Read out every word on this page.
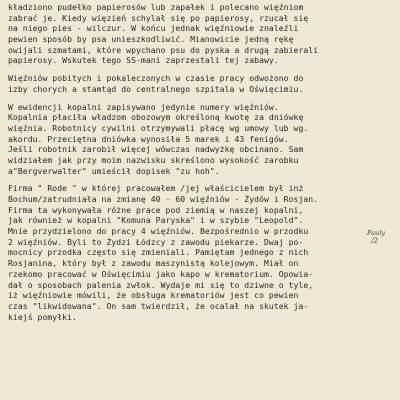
kładziono pudełko papierosów lub zapałek i polecano więźniom
zabrać je. Kiedy więzień schylał się po papierosy, rzucał się
na niego pies - wilczur. W końcu jednak więźniowie znaleźli
pewien sposób by psa unieszkodliwić. Mianowicie jedną rękę
owijali szmatami, które wpychano psu do pyska a drugą zabierali
papierosy. Wskutek tego SS-mani zaprzestali tej zabawy.
Więźniów pobitych i pokaleczonych w czasie pracy odwożono do
izby chorych a stamtąd do centralnego szpitala w Oświęcimiu.
W ewidencji kopalni zapisywano jedynie numery więźniów.
Kopalnia płaciła władzom obozowym określoną kwotę za dniówkę
więźnia. Robotnicy cywilni otrzymywali płacę wg umowy lub wg.
akordu. Przeciętna dniówka wynosiła 5 marek i 43 fenigów.
Jeśli robotnik zarobił więcej wówczas nadwyżkę obcinano. Sam
widziałem jak przy moim nazwisku skreślono wysokość zarobku
a"Bergverwalter" umieścił dopisek "zu hoh".
Firma " Rode " w której pracowałem /jej właścicielem był inż
Bochum/zatrudniała na zmianę 40 - 60 więźniów - Żydów i Rosjan.
Firma ta wykonywała różne prace pod ziemią w naszej kopalni,
jak również w kopalni "Komuna Paryska" i w szybie "Leopold".
Mnie przydzielono do pracy 4 więźniów. Bezpośrednio w przodku
2 więźniów. Byli to Żydzi Łódzcy z zawodu piekarze. Dwaj po-
mocnicy przodka często się zmieniali. Pamiętam jednego z nich
Rosjanina, który był z zawodu maszynistą kolejowym. Miał on
rzekomo pracować w Oświęcimiu jako kapo w krematorium. Opowia-
dał o sposobach palenia zwłok. Wydaje mi się to dziwne o tyle,
iż więźniowie mówili, że obsługa krematoriów jest co pewien
czas "likwidowana". On sam twierdził, że ocalał na skutek ja-
kiejś pomyłki.
Pauly
/2
